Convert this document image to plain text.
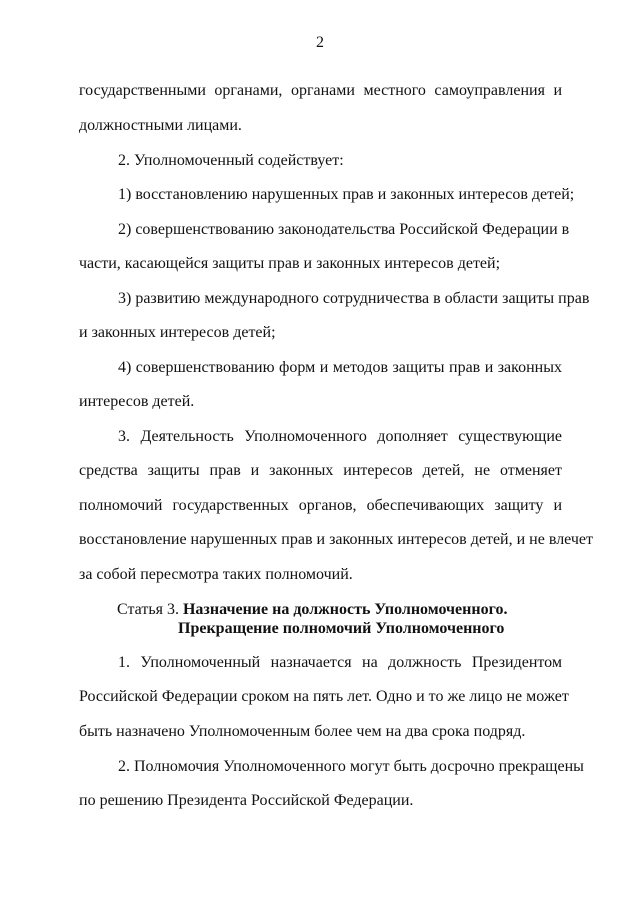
2
государственными органами, органами местного самоуправления и
должностными лицами.
2. Уполномоченный содействует:
1) восстановлению нарушенных прав и законных интересов детей;
2) совершенствованию законодательства Российской Федерации в
части, касающейся защиты прав и законных интересов детей;
3) развитию международного сотрудничества в области защиты прав
и законных интересов детей;
4) совершенствованию форм и методов защиты прав и законных
интересов детей.
3. Деятельность Уполномоченного дополняет существующие
средства защиты прав и законных интересов детей, не отменяет
полномочий государственных органов, обеспечивающих защиту и
восстановление нарушенных прав и законных интересов детей, и не влечет
за собой пересмотра таких полномочий.
Статья 3. Назначение на должность Уполномоченного.
Прекращение полномочий Уполномоченного
1. Уполномоченный назначается на должность Президентом
Российской Федерации сроком на пять лет. Одно и то же лицо не может
быть назначено Уполномоченным более чем на два срока подряд.
2. Полномочия Уполномоченного могут быть досрочно прекращены
по решению Президента Российской Федерации.
